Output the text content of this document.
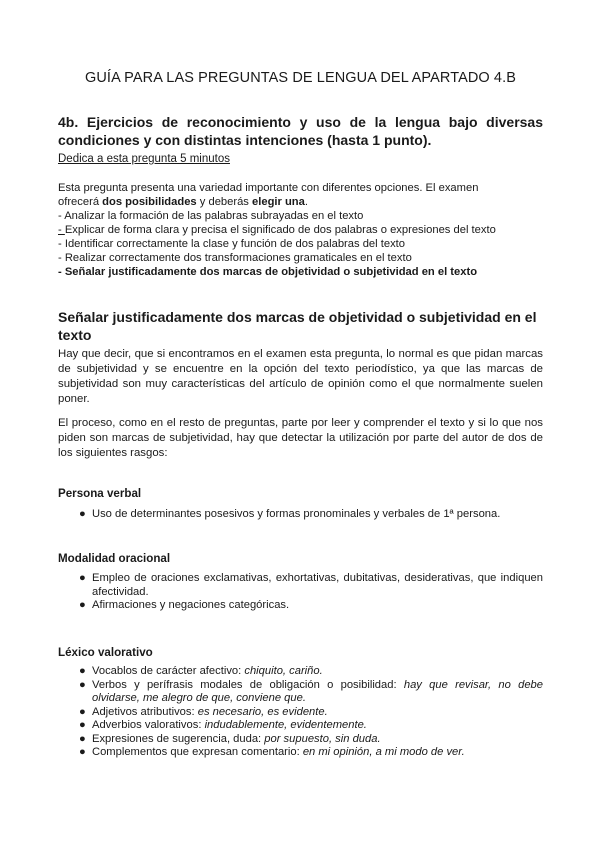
GUÍA PARA LAS PREGUNTAS DE LENGUA DEL APARTADO 4.B
4b. Ejercicios de reconocimiento y uso de la lengua bajo diversas condiciones y con distintas intenciones (hasta 1 punto).
Dedica a esta pregunta 5 minutos
Esta pregunta presenta una variedad importante con diferentes opciones. El examen
ofrecerá dos posibilidades y deberás elegir una.
- Analizar la formación de las palabras subrayadas en el texto
- Explicar de forma clara y precisa el significado de dos palabras o expresiones del texto
- Identificar correctamente la clase y función de dos palabras del texto
- Realizar correctamente dos transformaciones gramaticales en el texto
- Señalar justificadamente dos marcas de objetividad o subjetividad en el texto
Señalar justificadamente dos marcas de objetividad o subjetividad en el texto
Hay que decir, que si encontramos en el examen esta pregunta, lo normal es que pidan marcas de subjetividad y se encuentre en la opción del texto periodístico, ya que las marcas de subjetividad son muy características del artículo de opinión como el que normalmente suelen poner.
El proceso, como en el resto de preguntas, parte por leer y comprender el texto y si lo que nos piden son marcas de subjetividad, hay que detectar la utilización por parte del autor de dos de los siguientes rasgos:
Persona verbal
● Uso de determinantes posesivos y formas pronominales y verbales de 1ª persona.
Modalidad oracional
● Empleo de oraciones exclamativas, exhortativas, dubitativas, desiderativas, que indiquen afectividad.
● Afirmaciones y negaciones categóricas.
Léxico valorativo
● Vocablos de carácter afectivo: chiquito, cariño.
● Verbos y perífrasis modales de obligación o posibilidad: hay que revisar, no debe olvidarse, me alegro de que, conviene que.
● Adjetivos atributivos: es necesario, es evidente.
● Adverbios valorativos: indudablemente, evidentemente.
● Expresiones de sugerencia, duda: por supuesto, sin duda.
● Complementos que expresan comentario: en mi opinión, a mi modo de ver.
